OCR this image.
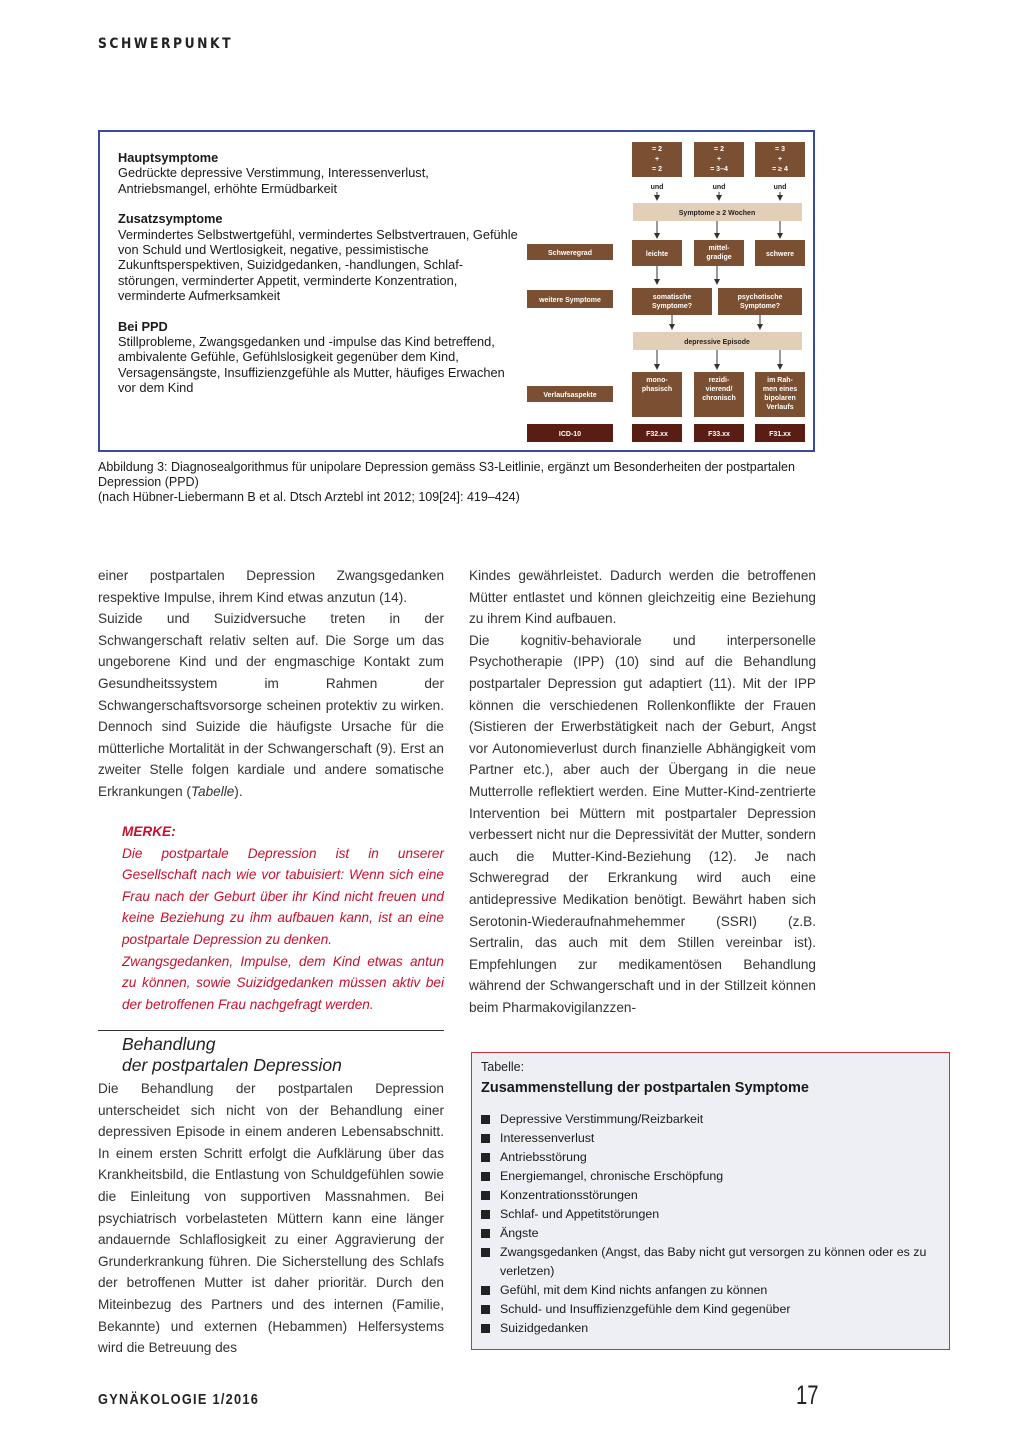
SCHWERPUNKT
Hauptsymptome
Gedrückte depressive Verstimmung, Interessenverlust, Antriebsmangel, erhöhte Ermüdbarkeit
Zusatzsymptome
Vermindertes Selbstwertgefühl, vermindertes Selbstvertrauen, Gefühle von Schuld und Wertlosigkeit, negative, pessimistische Zukunftsperspektiven, Suizidgedanken, -handlungen, Schlaf-störungen, verminderter Appetit, verminderte Konzentration, verminderte Aufmerksamkeit
Bei PPD
Stillprobleme, Zwangsgedanken und -impulse das Kind betreffend, ambivalente Gefühle, Gefühlslosigkeit gegenüber dem Kind, Versagensängste, Insuffizienzgefühle als Mutter, häufiges Erwachen vor dem Kind
= 2 + = 2
und
= 2 + = 3–4
und
= 3 + = ≥ 4
und
Symptome ≥ 2 Wochen
Schweregrad
weitere Symptome
Verlaufsaspekte
ICD-10
leichte
mittel-gradige	schwere
somatische Symptome?
psychotische Symptome?
depressive Episode
mono-phasisch
rezidi-vierend/ chronisch
im Rah-men eines bipolaren Verlaufs
F32.xx	F33.xx	F31.xx
Abbildung 3: Diagnosealgorithmus für unipolare Depression gemäss S3-Leitlinie, ergänzt um Besonderheiten der postpartalen Depression (PPD)
(nach Hübner-Liebermann B et al. Dtsch Arztebl int 2012; 109[24]: 419–424)

einer postpartalen Depression Zwangsgedanken respektive Impulse, ihrem Kind etwas anzutun (14).

Suizide und Suizidversuche treten in der Schwangerschaft relativ selten auf. Die Sorge um das ungeborene Kind und der engmaschige Kontakt zum Gesundheitssystem im Rahmen der Schwangerschaftsvorsorge scheinen protektiv zu wirken. Dennoch sind Suizide die häufigste Ursache für die mütterliche Mortalität in der Schwangerschaft (9). Erst an zweiter Stelle folgen kardiale und andere somatische Erkrankungen (Tabelle).

MERKE:
Die postpartale Depression ist in unserer Gesellschaft nach wie vor tabuisiert: Wenn sich eine Frau nach der Geburt über ihr Kind nicht freuen und keine Beziehung zu ihm aufbauen kann, ist an eine postpartale Depression zu denken.
Zwangsgedanken, Impulse, dem Kind etwas antun zu können, sowie Suizidgedanken müssen aktiv bei der betroffenen Frau nachgefragt werden.
Behandlung
der postpartalen Depression

Die Behandlung der postpartalen Depression unterscheidet sich nicht von der Behandlung einer depressiven Episode in einem anderen Lebensabschnitt. In einem ersten Schritt erfolgt die Aufklärung über das Krankheitsbild, die Entlastung von Schuldgefühlen sowie die Einleitung von supportiven Massnahmen. Bei psychiatrisch vorbelasteten Müttern kann eine länger andauernde Schlaflosigkeit zu einer Aggravierung der Grunderkrankung führen. Die Sicherstellung des Schlafs der betroffenen Mutter ist daher prioritär. Durch den Miteinbezug des Partners und des internen (Familie, Bekannte) und externen (Hebammen) Helfersystems wird die Betreuung des

Kindes gewährleistet. Dadurch werden die betroffenen Mütter entlastet und können gleichzeitig eine Beziehung zu ihrem Kind aufbauen.

Die kognitiv-behaviorale und interpersonelle Psychotherapie (IPP) (10) sind auf die Behandlung postpartaler Depression gut adaptiert (11). Mit der IPP können die verschiedenen Rollenkonflikte der Frauen (Sistieren der Erwerbstätigkeit nach der Geburt, Angst vor Autonomieverlust durch finanzielle Abhängigkeit vom Partner etc.), aber auch der Übergang in die neue Mutterrolle reflektiert werden. Eine Mutter-Kind-zentrierte Intervention bei Müttern mit postpartaler Depression verbessert nicht nur die Depressivität der Mutter, sondern auch die Mutter-Kind-Beziehung (12). Je nach Schweregrad der Erkrankung wird auch eine antidepressive Medikation benötigt. Bewährt haben sich Serotonin-Wiederaufnahmehemmer (SSRI) (z.B. Sertralin, das auch mit dem Stillen vereinbar ist). Empfehlungen zur medikamentösen Behandlung während der Schwangerschaft und in der Stillzeit können beim Pharmakovigilanzzen-

Tabelle:
Zusammenstellung der postpartalen Symptome
Depressive Verstimmung/Reizbarkeit
Interessenverlust
Antriebsstörung
Energiemangel, chronische Erschöpfung
Konzentrationsstörungen
Schlaf- und Appetitstörungen
Ängste
Zwangsgedanken (Angst, das Baby nicht gut versorgen zu können oder es zu verletzen)
Gefühl, mit dem Kind nichts anfangen zu können
Schuld- und Insuffizienzgefühle dem Kind gegenüber
Suizidgedanken
GYNÄKOLOGIE 1/2016	17
